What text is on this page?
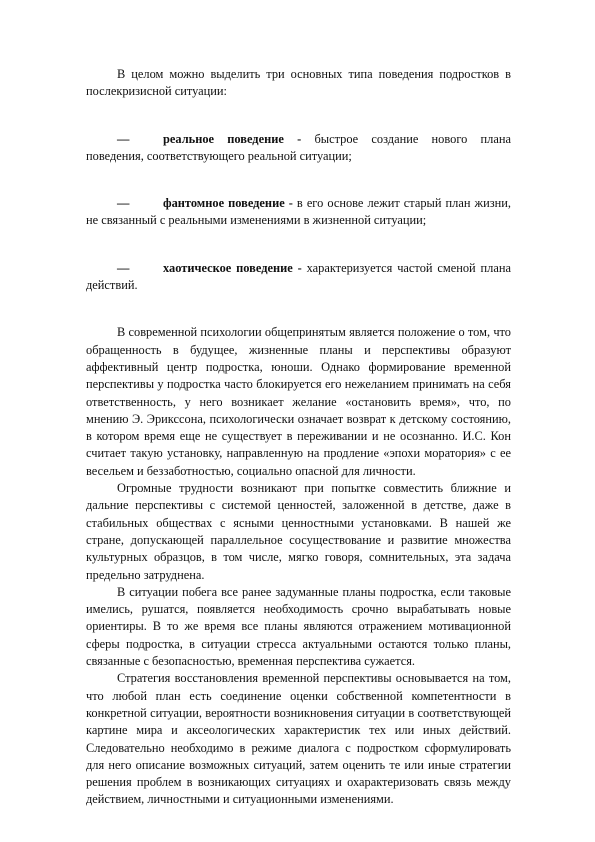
В целом можно выделить три основных типа поведения подростков в послекризисной ситуации:

—	реальное поведение - быстрое создание нового плана поведения, соответствующего реальной ситуации;

—	фантомное поведение - в его основе лежит старый план жизни, не связанный с реальными изменениями в жизненной ситуации;

—	хаотическое поведение - характеризуется частой сменой плана действий.

В современной психологии общепринятым является положение о том, что обращенность в будущее, жизненные планы и перспективы образуют аффективный центр подростка, юноши. Однако формирование временной перспективы у подростка часто блокируется его нежеланием принимать на себя ответственность, у него возникает желание «остановить время», что, по мнению Э. Эрикссона, психологически означает возврат к детскому состоянию, в котором время еще не существует в переживании и не осознанно. И.С. Кон считает такую установку, направленную на продление «эпохи моратория» с ее весельем и беззаботностью, социально опасной для личности.

Огромные трудности возникают при попытке совместить ближние и дальние перспективы с системой ценностей, заложенной в детстве, даже в стабильных обществах с ясными ценностными установками. В нашей же стране, допускающей параллельное сосуществование и развитие множества культурных образцов, в том числе, мягко говоря, сомнительных, эта задача предельно затруднена.

В ситуации побега все ранее задуманные планы подростка, если таковые имелись, рушатся, появляется необходимость срочно вырабатывать новые ориентиры. В то же время все планы являются отражением мотивационной сферы подростка, в ситуации стресса актуальными остаются только планы, связанные с безопасностью, временная перспектива сужается.

Стратегия восстановления временной перспективы основывается на том, что любой план есть соединение оценки собственной компетентности в конкретной ситуации, вероятности возникновения ситуации в соответствующей картине мира и аксеологических характеристик тех или иных действий. Следовательно необходимо в режиме диалога с подростком сформулировать для него описание возможных ситуаций, затем оценить те или иные стратегии решения проблем в возникающих ситуациях и охарактеризовать связь между действием, личностными и ситуационными изменениями.
